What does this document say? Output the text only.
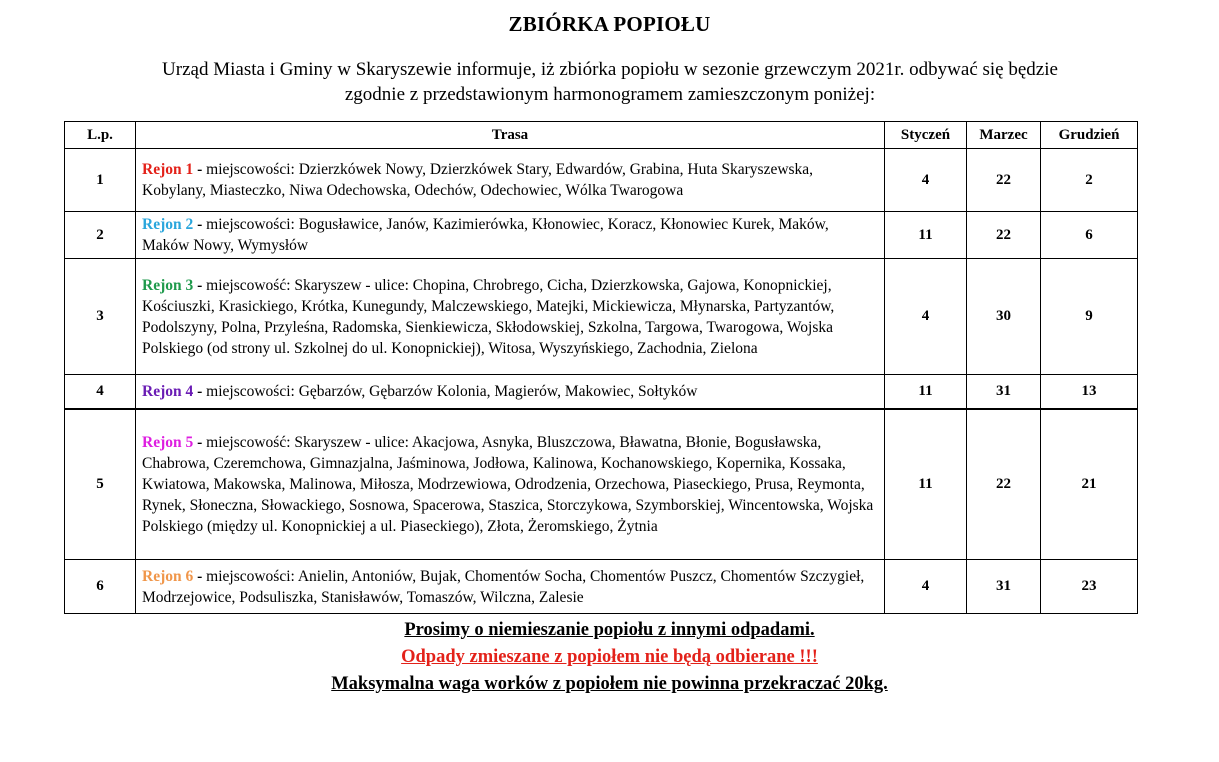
ZBIÓRKA POPIOŁU
Urząd Miasta i Gminy w Skaryszewie informuje, iż zbiórka popiołu w sezonie grzewczym 2021r. odbywać się będzie
zgodnie z przedstawionym harmonogramem zamieszczonym poniżej:
L.p.	Trasa	Styczeń	Marzec	Grudzień
1	Rejon 1 - miejscowości: Dzierzkówek Nowy, Dzierzkówek Stary, Edwardów, Grabina, Huta Skaryszewska, Kobylany, Miasteczko, Niwa Odechowska, Odechów, Odechowiec, Wólka Twarogowa	4	22	2
2	Rejon 2 - miejscowości: Bogusławice, Janów, Kazimierówka, Kłonowiec, Koracz, Kłonowiec Kurek, Maków, Maków Nowy, Wymysłów	11	22	6
3	Rejon 3 - miejscowość: Skaryszew - ulice: Chopina, Chrobrego, Cicha, Dzierzkowska, Gajowa, Konopnickiej, Kościuszki, Krasickiego, Krótka, Kunegundy, Malczewskiego, Matejki, Mickiewicza, Młynarska, Partyzantów, Podolszyny, Polna, Przyleśna, Radomska, Sienkiewicza, Skłodowskiej, Szkolna, Targowa, Twarogowa, Wojska Polskiego (od strony ul. Szkolnej do ul. Konopnickiej), Witosa, Wyszyńskiego, Zachodnia, Zielona	4	30	9
4	Rejon 4 - miejscowości: Gębarzów, Gębarzów Kolonia, Magierów, Makowiec, Sołtyków	11	31	13
5	Rejon 5 - miejscowość: Skaryszew - ulice: Akacjowa, Asnyka, Bluszczowa, Bławatna, Błonie, Bogusławska, Chabrowa, Czeremchowa, Gimnazjalna, Jaśminowa, Jodłowa, Kalinowa, Kochanowskiego, Kopernika, Kossaka, Kwiatowa, Makowska, Malinowa, Miłosza, Modrzewiowa, Odrodzenia, Orzechowa, Piaseckiego, Prusa, Reymonta, Rynek, Słoneczna, Słowackiego, Sosnowa, Spacerowa, Staszica, Storczykowa, Szymborskiej, Wincentowska, Wojska Polskiego (między ul. Konopnickiej a ul. Piaseckiego), Złota, Żeromskiego, Żytnia	11	22	21
6	Rejon 6 - miejscowości: Anielin, Antoniów, Bujak, Chomentów Socha, Chomentów Puszcz, Chomentów Szczygieł, Modrzejowice, Podsuliszka, Stanisławów, Tomaszów, Wilczna, Zalesie	4	31	23
Prosimy o niemieszanie popiołu z innymi odpadami.
Odpady zmieszane z popiołem nie będą odbierane !!!
Maksymalna waga worków z popiołem nie powinna przekraczać 20kg.
